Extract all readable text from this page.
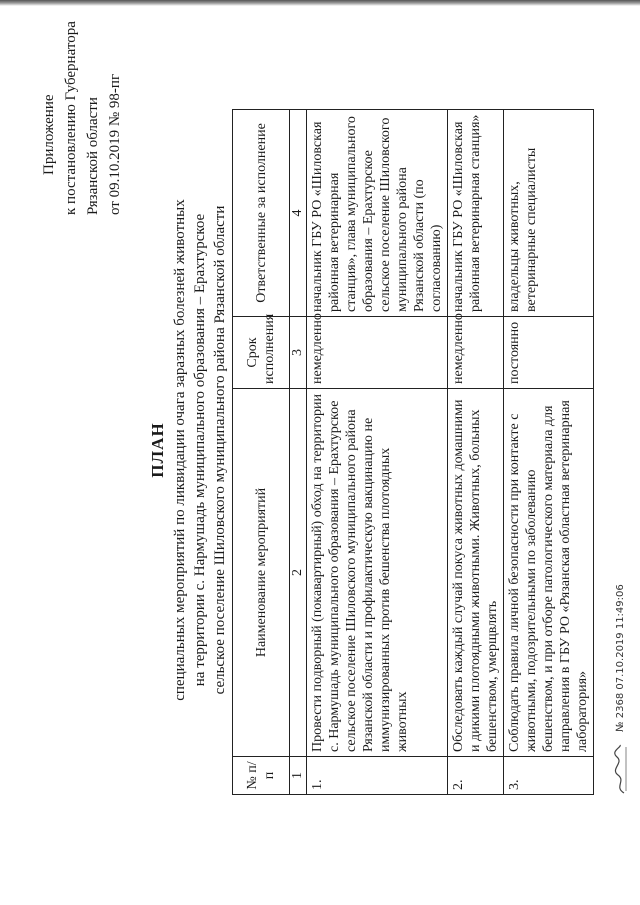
Приложение к постановлению Губернатора Рязанской области от 09.10.2019 № 98-пг
ПЛАН специальных мероприятий по ликвидации очага заразных болезней животных на территории с. Нармушадь муниципального образования – Ерахтурское сельское поселение Шиловского муниципального района Рязанской области
№ п/п	Наименование мероприятий	Срок исполнения	Ответственные за исполнение
1	2	3	4
1.	Провести подворный (покавартирный) обход на территории с. Нармушадь муниципального образования – Ерахтурское сельское поселение Шиловского муниципального района Рязанской области и профилактическую вакцинацию не иммунизированных против бешенства плотоядных животных	немедленно	начальник ГБУ РО «Шиловская районная ветеринарная станция», глава муниципального образования – Ерахтурское сельское поселение Шиловского муниципального района Рязанской области (по согласованию)
2.	Обследовать каждый случай покуса животных домашними и дикими плотоядными животными. Животных, больных бешенством, умерщвлять	немедленно	начальник ГБУ РО «Шиловская районная ветеринарная станция»
3.	Соблюдать правила личной безопасности при контакте с животными, подозрительными по заболеванию бешенством, и при отборе патологического материала для направления в ГБУ РО «Рязанская областная ветеринарная лаборатория»	постоянно	владельцы животных, ветеринарные специалисты
№ 2368 07.10.2019 11:49:06
